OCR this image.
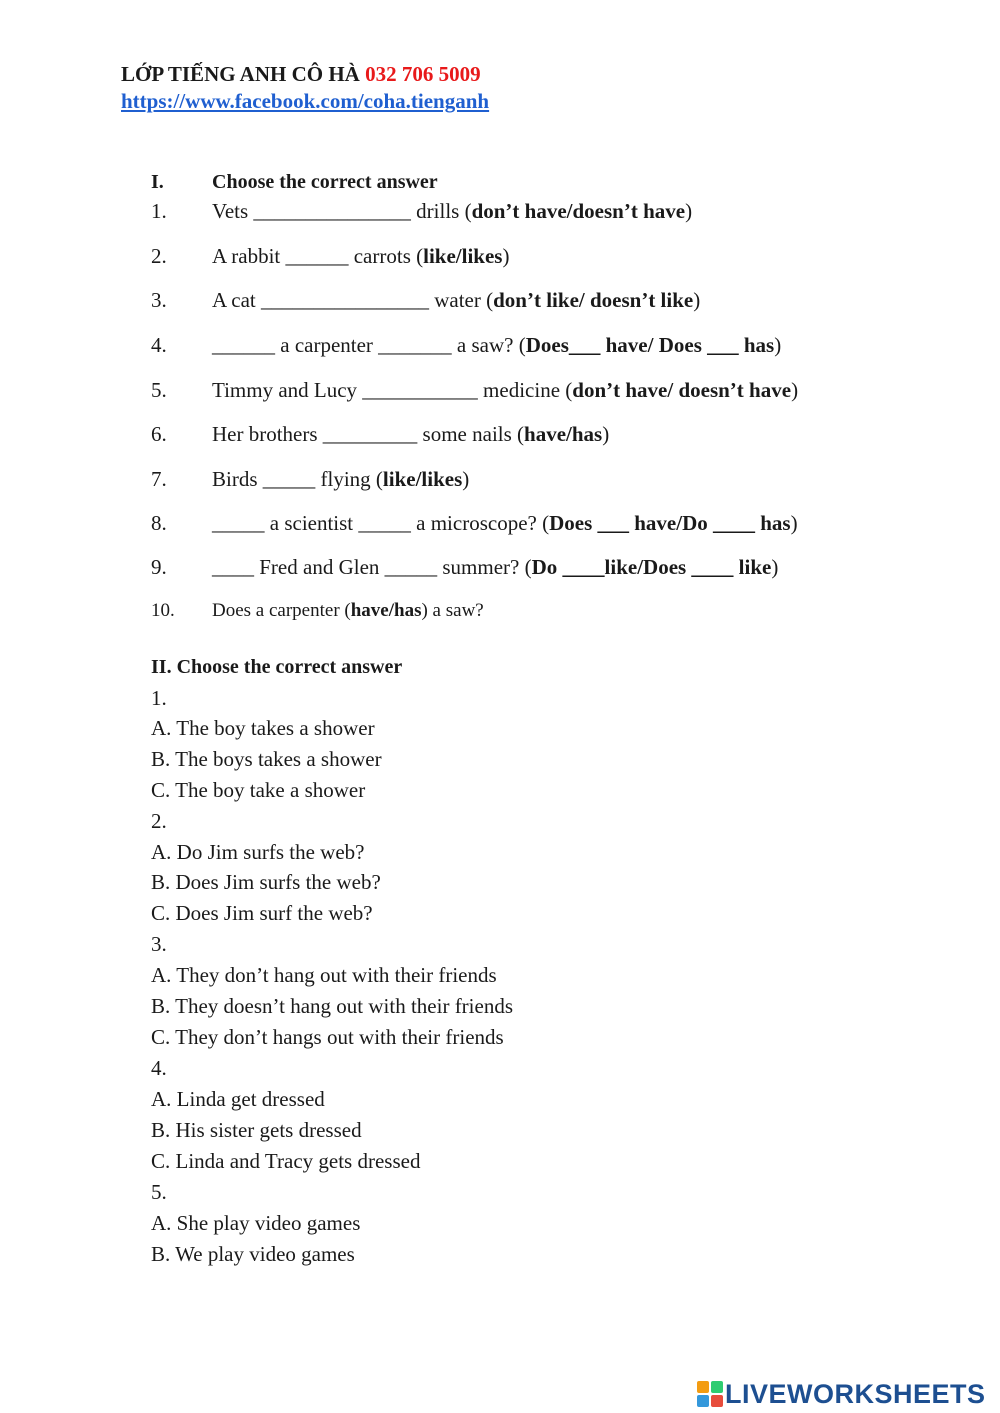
LỚP TIẾNG ANH CÔ HÀ 032 706 5009
https://www.facebook.com/coha.tienganh
I. Choose the correct answer
1. Vets _______________ drills (don’t have/doesn’t have)
2. A rabbit ______ carrots (like/likes)
3. A cat ________________ water (don’t like/ doesn’t like)
4. ______ a carpenter _______ a saw? (Does___ have/ Does ___ has)
5. Timmy and Lucy ___________ medicine (don’t have/ doesn’t have)
6. Her brothers _________ some nails (have/has)
7. Birds _____ flying (like/likes)
8. _____ a scientist _____ a microscope? (Does ___ have/Do ____ has)
9. ____ Fred and Glen _____ summer? (Do ____like/Does ____ like)
10. Does a carpenter (have/has) a saw?
II. Choose the correct answer
1.
A. The boy takes a shower
B. The boys takes a shower
C. The boy take a shower
2.
A. Do Jim surfs the web?
B. Does Jim surfs the web?
C. Does Jim surf the web?
3.
A. They don’t hang out with their friends
B. They doesn’t hang out with their friends
C. They don’t hangs out with their friends
4.
A. Linda get dressed
B. His sister gets dressed
C. Linda and Tracy gets dressed
5.
A. She play video games
B. We play video games
LIVEWORKSHEETS
